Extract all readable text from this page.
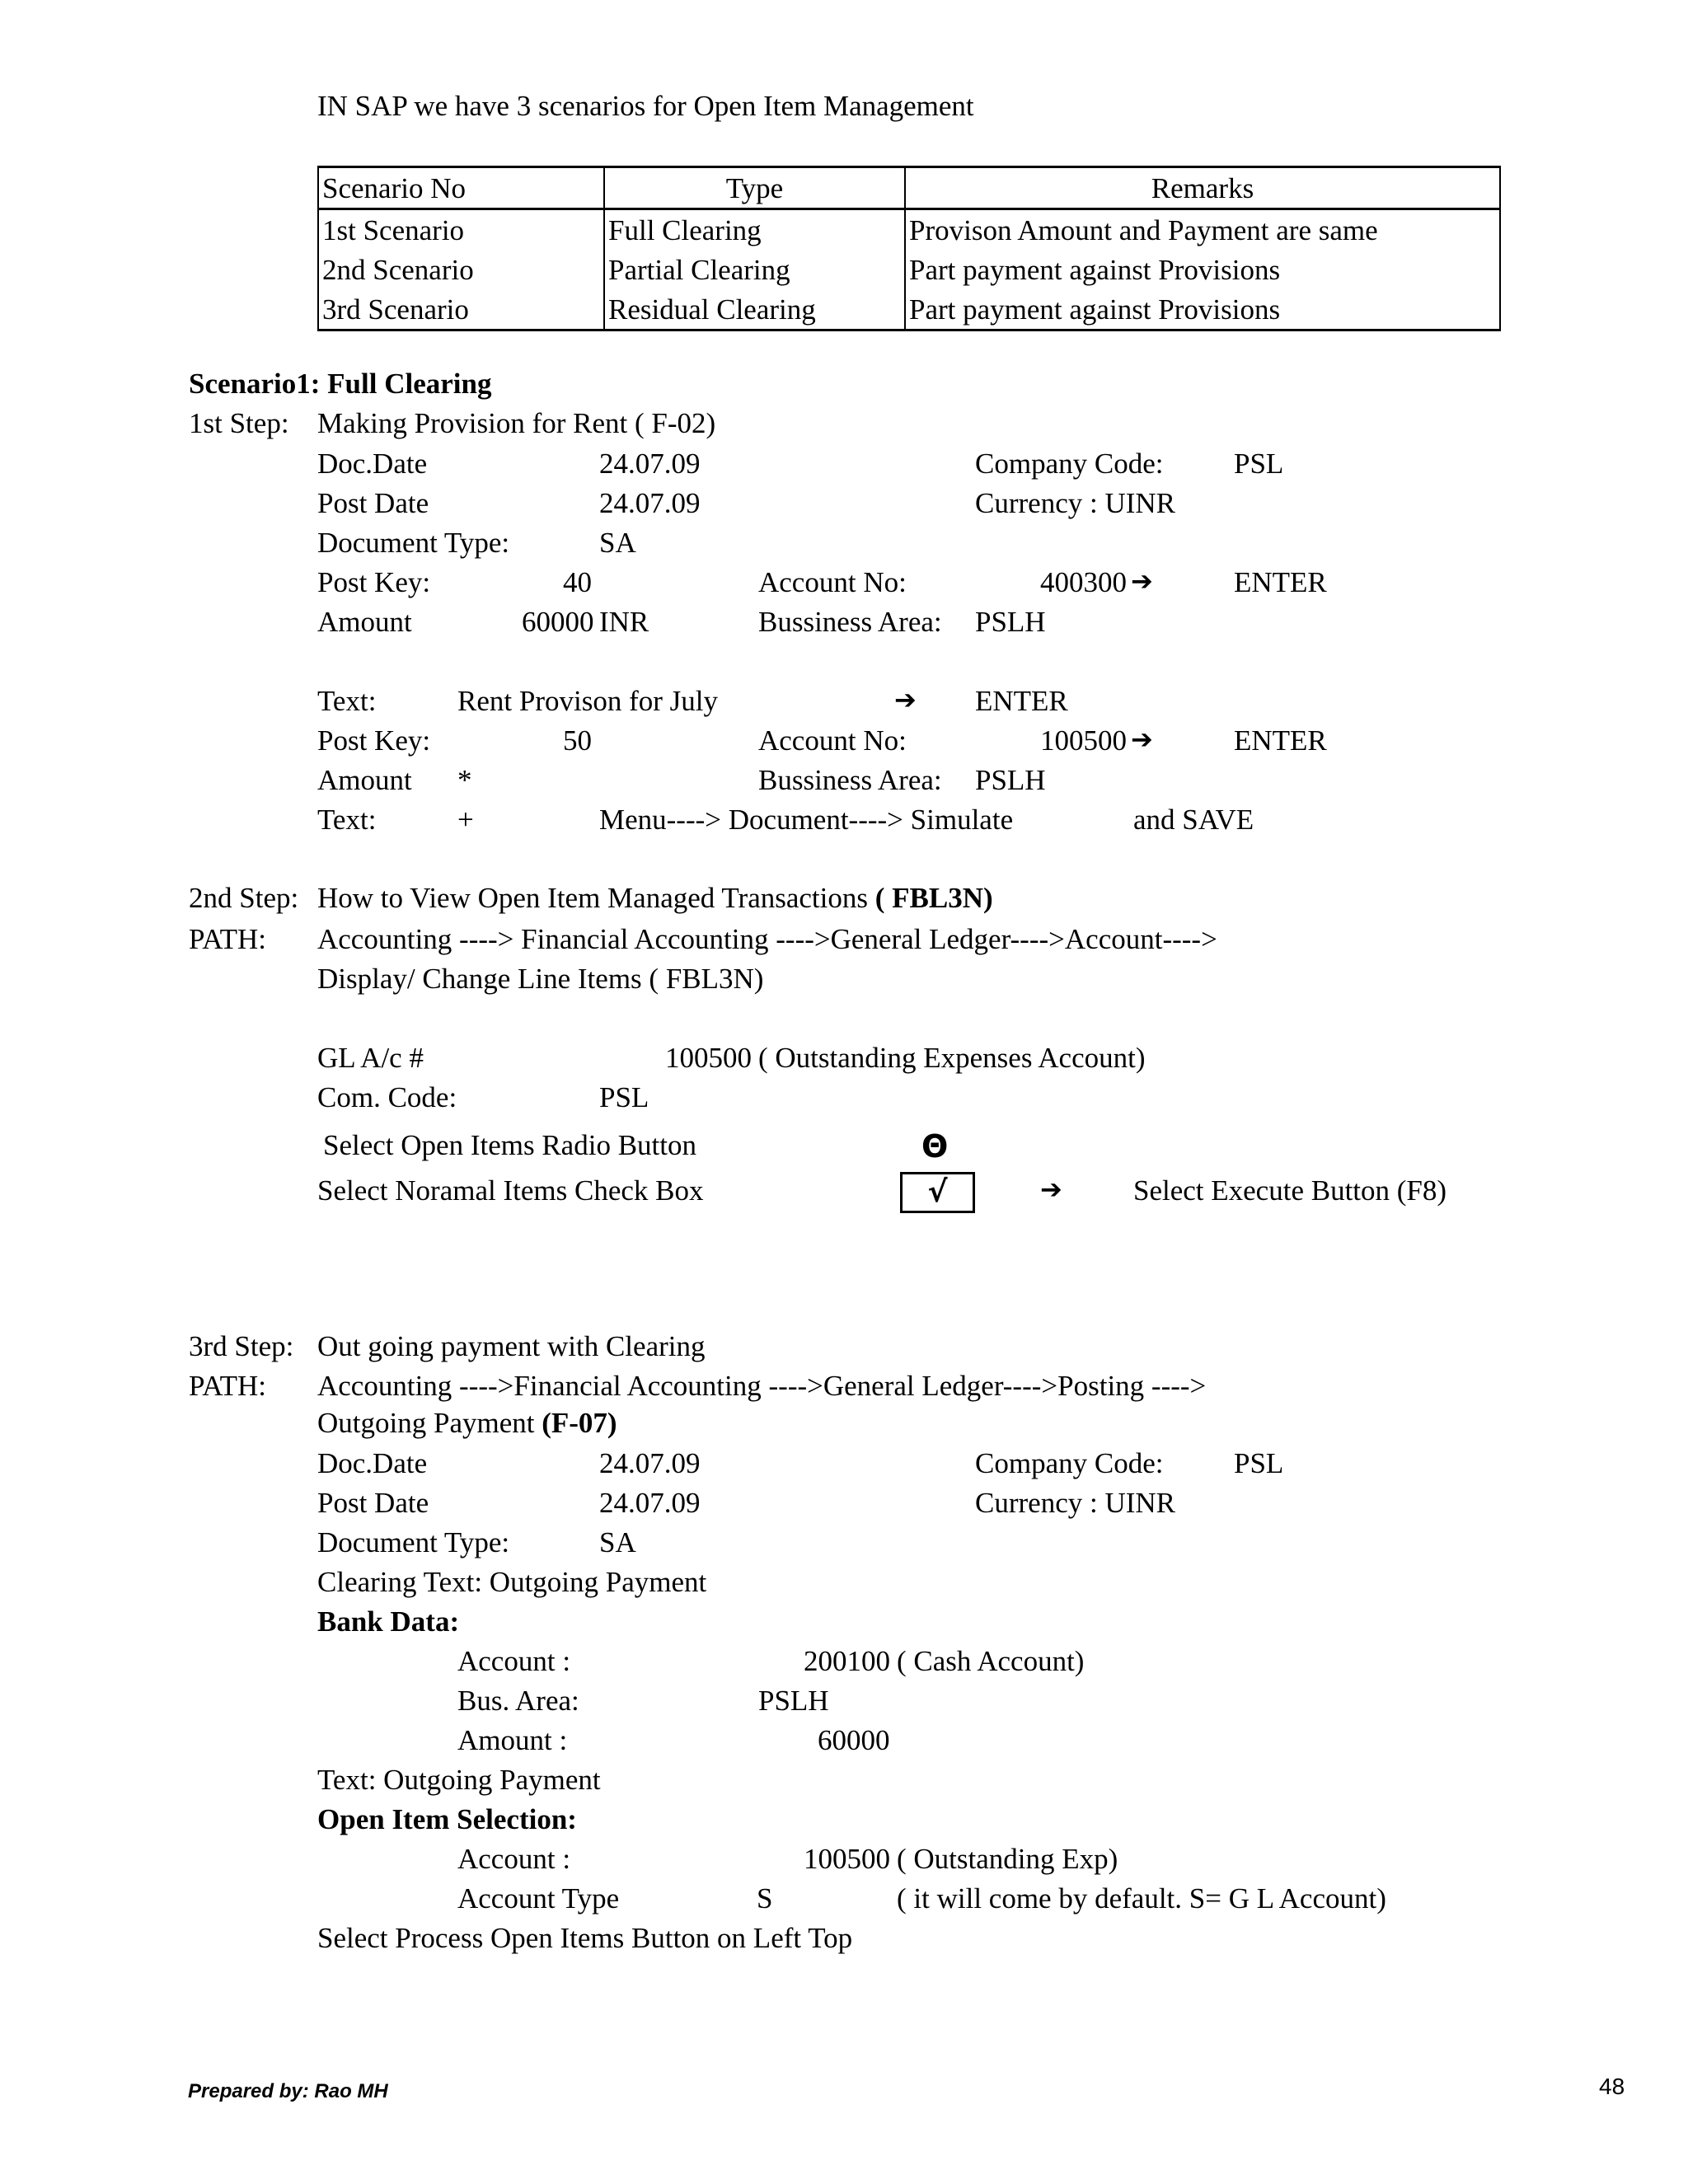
IN SAP we have 3 scenarios for Open Item Management
Scenario No	Type	Remarks
1st Scenario	Full Clearing	Provison Amount and Payment are same
2nd Scenario	Partial Clearing	Part payment against Provisions
3rd Scenario	Residual Clearing	Part payment against Provisions
Scenario1: Full Clearing
1st Step: Making Provision for Rent ( F-02)
Doc.Date	24.07.09	Company Code: PSL
Post Date	24.07.09	Currency : UINR
Document Type:	SA
Post Key:	40	Account No:	400300 ➔	ENTER
Amount	60000 INR	Bussiness Area: PSLH
Text:	Rent Provison for July	➔ ENTER
Post Key:	50	Account No:	100500 ➔	ENTER
Amount *	Bussiness Area: PSLH
Text:	+	Menu----> Document----> Simulate	and SAVE
2nd Step: How to View Open Item Managed Transactions ( FBL3N)
PATH: Accounting ----> Financial Accounting ---->General Ledger---->Account---->
Display/ Change Line Items ( FBL3N)
GL A/c #	100500 ( Outstanding Expenses Account)
Com. Code:	PSL
Select Open Items Radio Button	Θ
Select Noramal Items Check Box	√	➔ Select Execute Button (F8)
3rd Step: Out going payment with Clearing
PATH: Accounting ---->Financial Accounting ---->General Ledger---->Posting ---->
Outgoing Payment (F-07)
Doc.Date	24.07.09	Company Code: PSL
Post Date	24.07.09	Currency : UINR
Document Type:	SA
Clearing Text: Outgoing Payment
Bank Data:
Account :	200100 ( Cash Account)
Bus. Area:	PSLH
Amount :	60000
Text: Outgoing Payment
Open Item Selection:
Account :	100500 ( Outstanding Exp)
Account Type	S	( it will come by default. S= G L Account)
Select Process Open Items Button on Left Top
Prepared by: Rao MH	48
